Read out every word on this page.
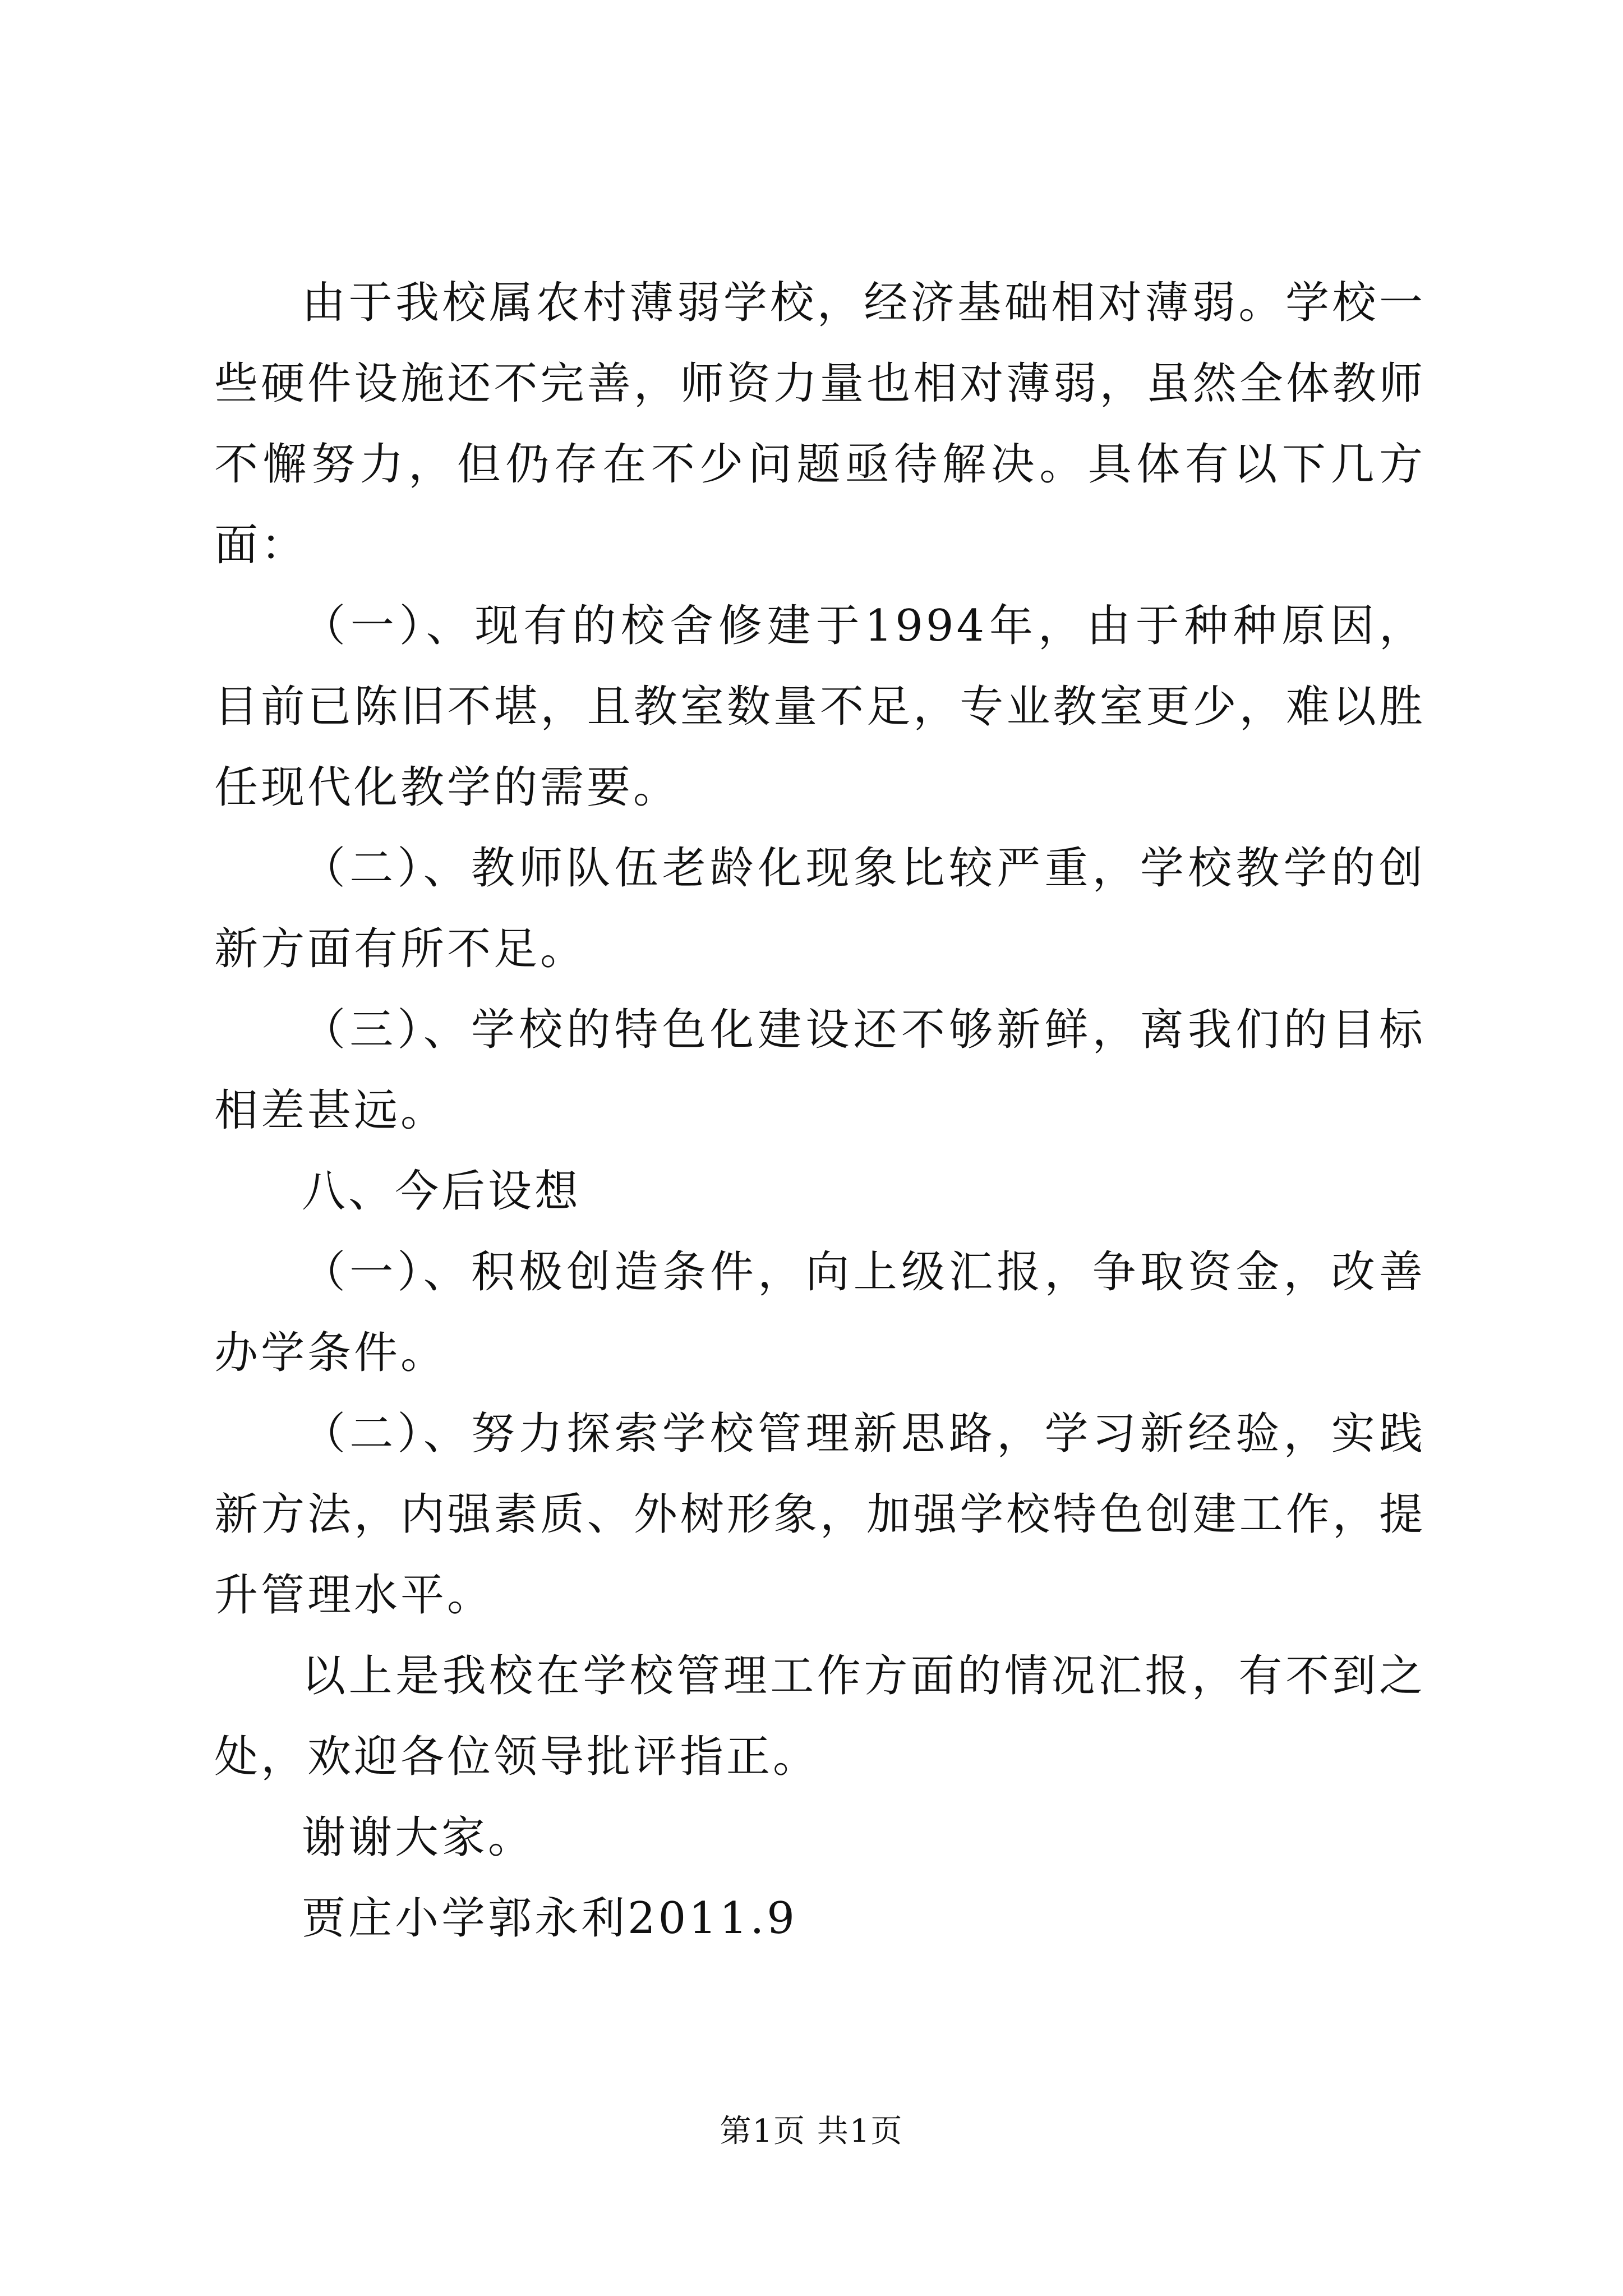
由于我校属农村薄弱学校，经济基础相对薄弱。学校一些硬件设施还不完善，师资力量也相对薄弱，虽然全体教师不懈努力，但仍存在不少问题亟待解决。具体有以下几方面：

（一）、现有的校舍修建于1994年，由于种种原因，目前已陈旧不堪，且教室数量不足，专业教室更少，难以胜任现代化教学的需要。

（二）、教师队伍老龄化现象比较严重，学校教学的创新方面有所不足。

（三）、学校的特色化建设还不够新鲜，离我们的目标相差甚远。

八、今后设想

（一）、积极创造条件，向上级汇报，争取资金，改善办学条件。

（二）、努力探索学校管理新思路，学习新经验，实践新方法，内强素质、外树形象，加强学校特色创建工作，提升管理水平。

以上是我校在学校管理工作方面的情况汇报，有不到之处，欢迎各位领导批评指正。

谢谢大家。

贾庄小学郭永利2011.9

第1页 共1页
